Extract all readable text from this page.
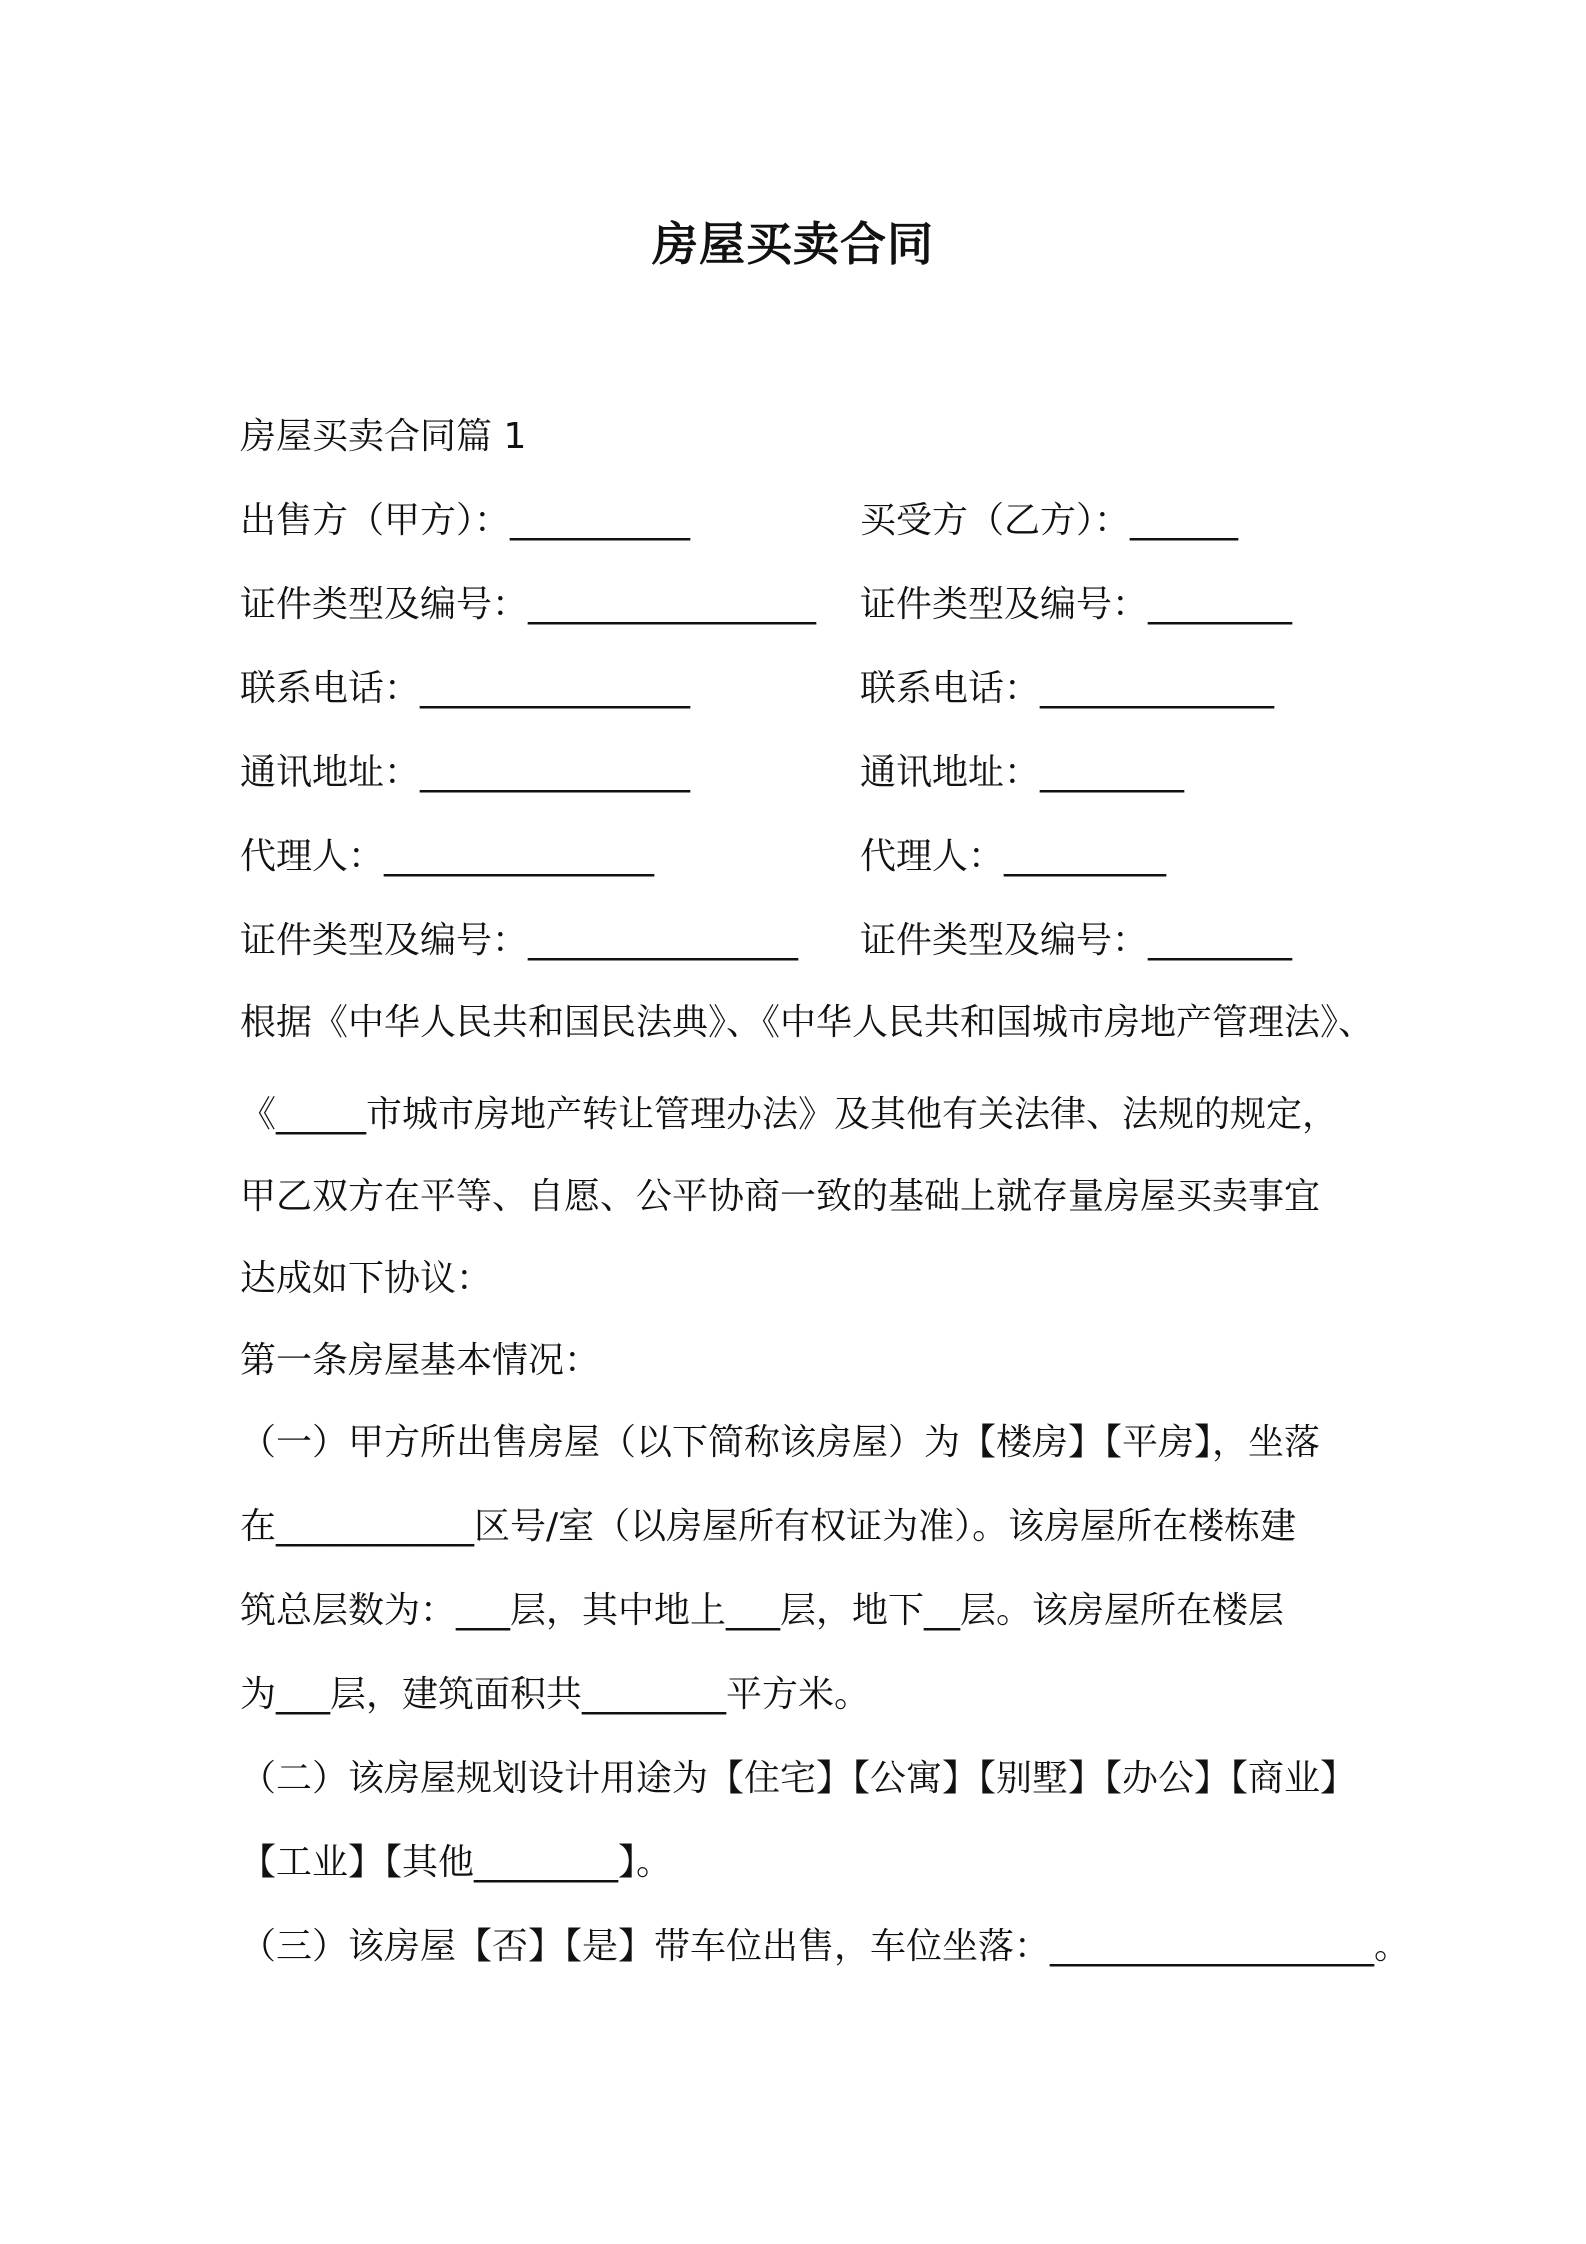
房屋买卖合同
房屋买卖合同篇 1
出售方（甲方）：__________	买受方（乙方）：______
证件类型及编号：________________ 证件类型及编号：________
联系电话：_______________	联系电话：_____________
通讯地址：_______________	通讯地址：________
代理人：_______________	代理人：_________
证件类型及编号：_______________ 证件类型及编号：________
根据《中华人民共和国民法典》、《中华人民共和国城市房地产管理法》、
《_____市城市房地产转让管理办法》及其他有关法律、法规的规定，
甲乙双方在平等、自愿、公平协商一致的基础上就存量房屋买卖事宜
达成如下协议：
第一条房屋基本情况：
（一）甲方所出售房屋（以下简称该房屋）为【楼房】【平房】，坐落
在___________区号/室（以房屋所有权证为准）。该房屋所在楼栋建
筑总层数为：___层，其中地上___层，地下__层。该房屋所在楼层
为___层，建筑面积共________平方米。
（二）该房屋规划设计用途为【住宅】【公寓】【别墅】【办公】【商业】
【工业】【其他________】。
（三）该房屋【否】【是】带车位出售，车位坐落：__________________。
